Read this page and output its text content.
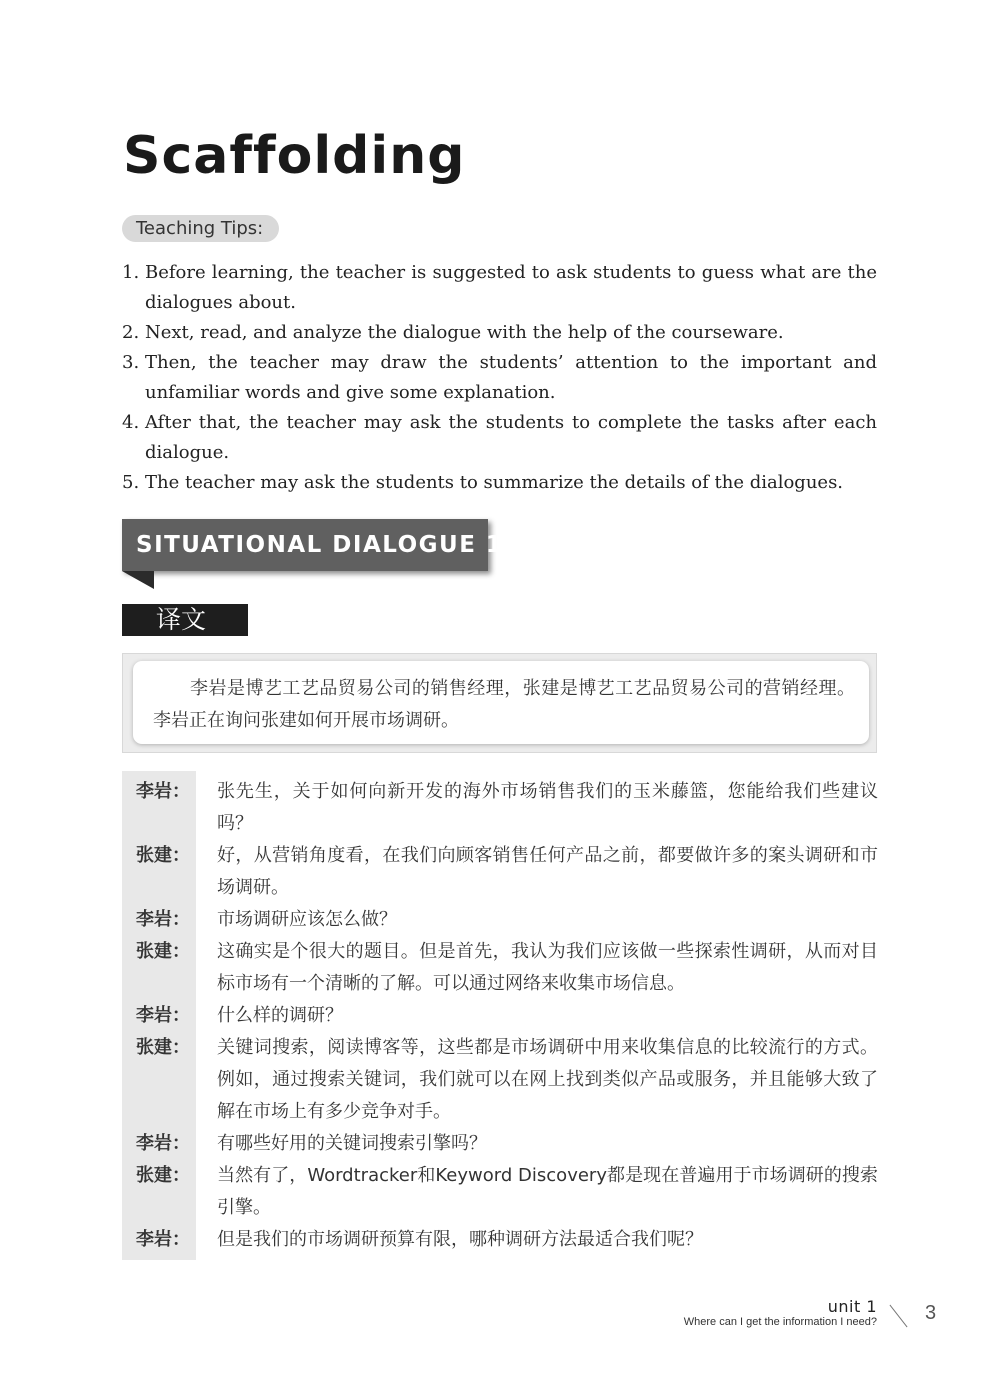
Scaffolding
Teaching Tips:
1. Before learning, the teacher is suggested to ask students to guess what are the dialogues about.
2. Next, read, and analyze the dialogue with the help of the courseware.
3. Then, the teacher may draw the students’ attention to the important and unfamiliar words and give some explanation.
4. After that, the teacher may ask the students to complete the tasks after each dialogue.
5. The teacher may ask the students to summarize the details of the dialogues.
SITUATIONAL DIALOGUE 1
译文
李岩是博艺工艺品贸易公司的销售经理，张建是博艺工艺品贸易公司的营销经理。李岩正在询问张建如何开展市场调研。
李岩：	张先生，关于如何向新开发的海外市场销售我们的玉米藤篮，您能给我们些建议吗？
张建：	好，从营销角度看，在我们向顾客销售任何产品之前，都要做许多的案头调研和市场调研。
李岩：	市场调研应该怎么做？
张建：	这确实是个很大的题目。但是首先，我认为我们应该做一些探索性调研，从而对目标市场有一个清晰的了解。可以通过网络来收集市场信息。
李岩：	什么样的调研？
张建：	关键词搜索，阅读博客等，这些都是市场调研中用来收集信息的比较流行的方式。例如，通过搜索关键词，我们就可以在网上找到类似产品或服务，并且能够大致了解在市场上有多少竞争对手。
李岩：	有哪些好用的关键词搜索引擎吗？
张建：	当然有了，Wordtracker和Keyword Discovery都是现在普遍用于市场调研的搜索引擎。
李岩：	但是我们的市场调研预算有限，哪种调研方法最适合我们呢？
unit 1
Where can I get the information I need? 3
